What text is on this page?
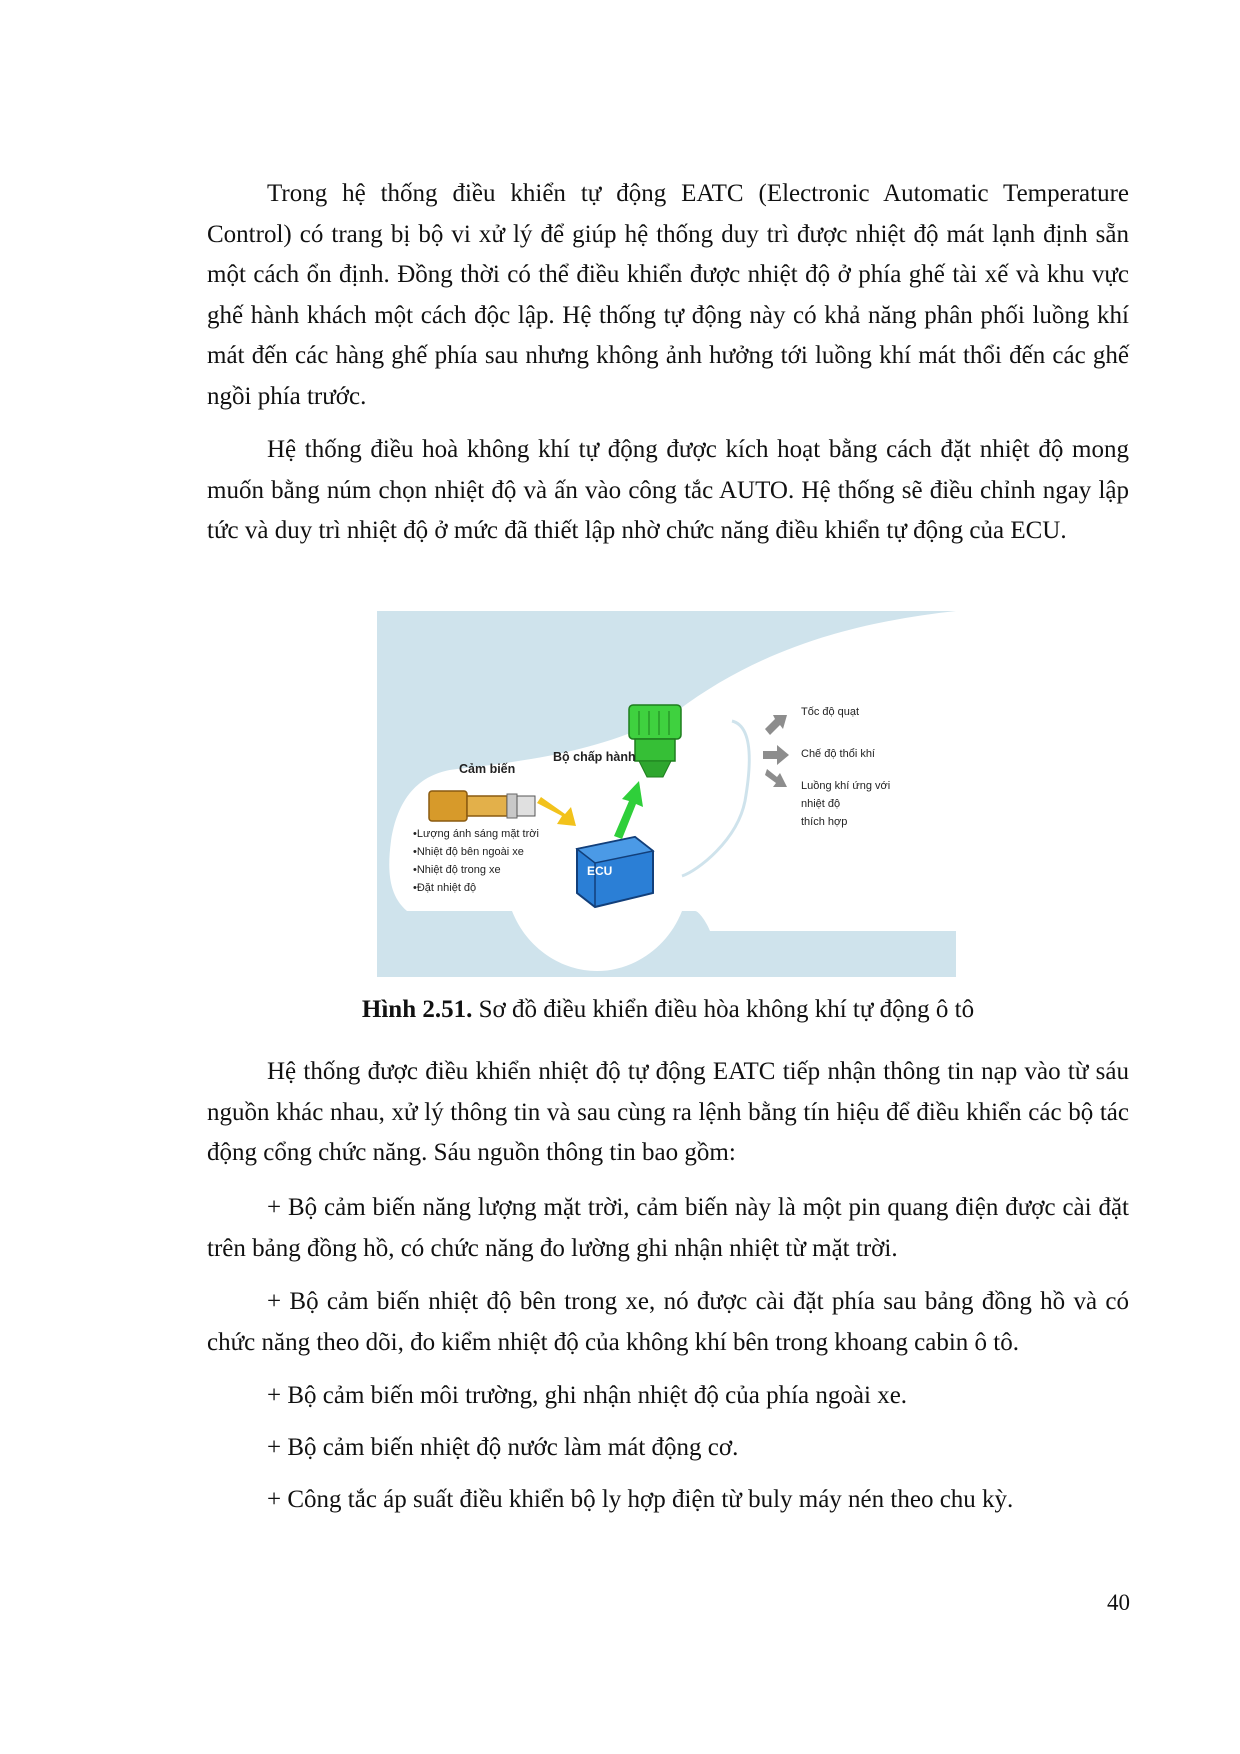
Trong hệ thống điều khiển tự động EATC (Electronic Automatic Temperature Control) có trang bị bộ vi xử lý để giúp hệ thống duy trì được nhiệt độ mát lạnh định sẵn một cách ổn định. Đồng thời có thể điều khiển được nhiệt độ ở phía ghế tài xế và khu vực ghế hành khách một cách độc lập. Hệ thống tự động này có khả năng phân phối luồng khí mát đến các hàng ghế phía sau nhưng không ảnh hưởng tới luồng khí mát thổi đến các ghế ngồi phía trước.

Hệ thống điều hoà không khí tự động được kích hoạt bằng cách đặt nhiệt độ mong muốn bằng núm chọn nhiệt độ và ấn vào công tắc AUTO. Hệ thống sẽ điều chỉnh ngay lập tức và duy trì nhiệt độ ở mức đã thiết lập nhờ chức năng điều khiển tự động của ECU.

Cảm biến
•Lượng ánh sáng mặt trời
•Nhiệt độ bên ngoài xe
•Nhiệt độ trong xe
•Đặt nhiệt độ
Bộ chấp hành
ECU
Tốc độ quạt
Chế độ thổi khí
Luồng khí ứng với
nhiệt độ
thích hợp

Hình 2.51. Sơ đồ điều khiển điều hòa không khí tự động ô tô

Hệ thống được điều khiển nhiệt độ tự động EATC tiếp nhận thông tin nạp vào từ sáu nguồn khác nhau, xử lý thông tin và sau cùng ra lệnh bằng tín hiệu để điều khiển các bộ tác động cổng chức năng. Sáu nguồn thông tin bao gồm:

+ Bộ cảm biến năng lượng mặt trời, cảm biến này là một pin quang điện được cài đặt trên bảng đồng hồ, có chức năng đo lường ghi nhận nhiệt từ mặt trời.

+ Bộ cảm biến nhiệt độ bên trong xe, nó được cài đặt phía sau bảng đồng hồ và có chức năng theo dõi, đo kiểm nhiệt độ của không khí bên trong khoang cabin ô tô.

+ Bộ cảm biến môi trường, ghi nhận nhiệt độ của phía ngoài xe.

+ Bộ cảm biến nhiệt độ nước làm mát động cơ.

+ Công tắc áp suất điều khiển bộ ly hợp điện từ buly máy nén theo chu kỳ.

40
